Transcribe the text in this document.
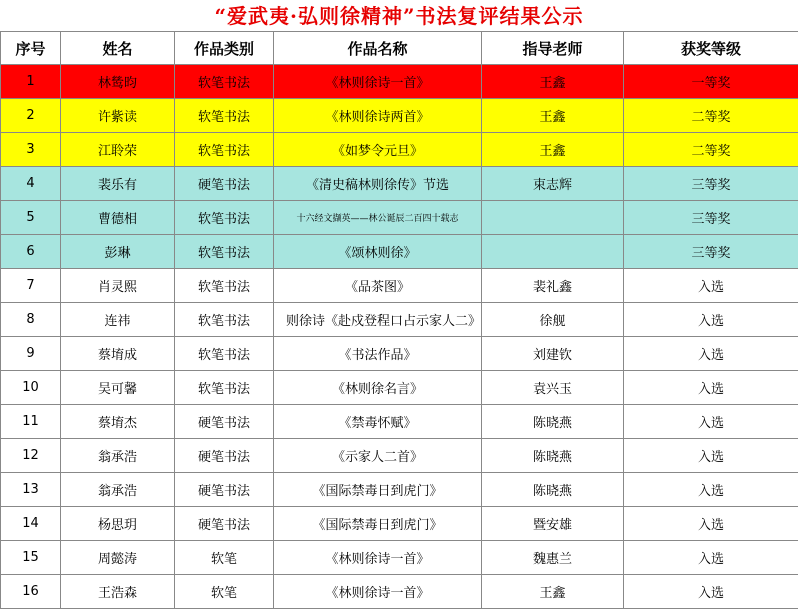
“爱武夷·弘则徐精神”书法复评结果公示
序号	姓名	作品类别	作品名称	指导老师	获奖等级
1	林鸶昀	软笔书法	《林则徐诗一首》	王鑫	一等奖
2	许紫读	软笔书法	《林则徐诗两首》	王鑫	二等奖
3	江聆荣	软笔书法	《如梦令元旦》	王鑫	二等奖
4	裴乐有	硬笔书法	《清史稿林则徐传》节选	束志辉	三等奖
5	曹德相	软笔书法	十六经文撷英——林公诞辰二百四十载志		三等奖
6	彭琳	软笔书法	《颂林则徐》		三等奖
7	肖灵熙	软笔书法	《品茶图》	裴礼鑫	入选
8	连祎	软笔书法	则徐诗《赴戍登程口占示家人二》	徐舰	入选
9	蔡堉成	软笔书法	《书法作品》	刘建钦	入选
10	吴可馨	软笔书法	《林则徐名言》	袁兴玉	入选
11	蔡堉杰	硬笔书法	《禁毒怀赋》	陈晓燕	入选
12	翁承浩	硬笔书法	《示家人二首》	陈晓燕	入选
13	翁承浩	硬笔书法	《国际禁毒日到虎门》	陈晓燕	入选
14	杨思玥	硬笔书法	《国际禁毒日到虎门》	暨安雄	入选
15	周懿涛	软笔	《林则徐诗一首》	魏惠兰	入选
16	王浩森	软笔	《林则徐诗一首》	王鑫	入选
